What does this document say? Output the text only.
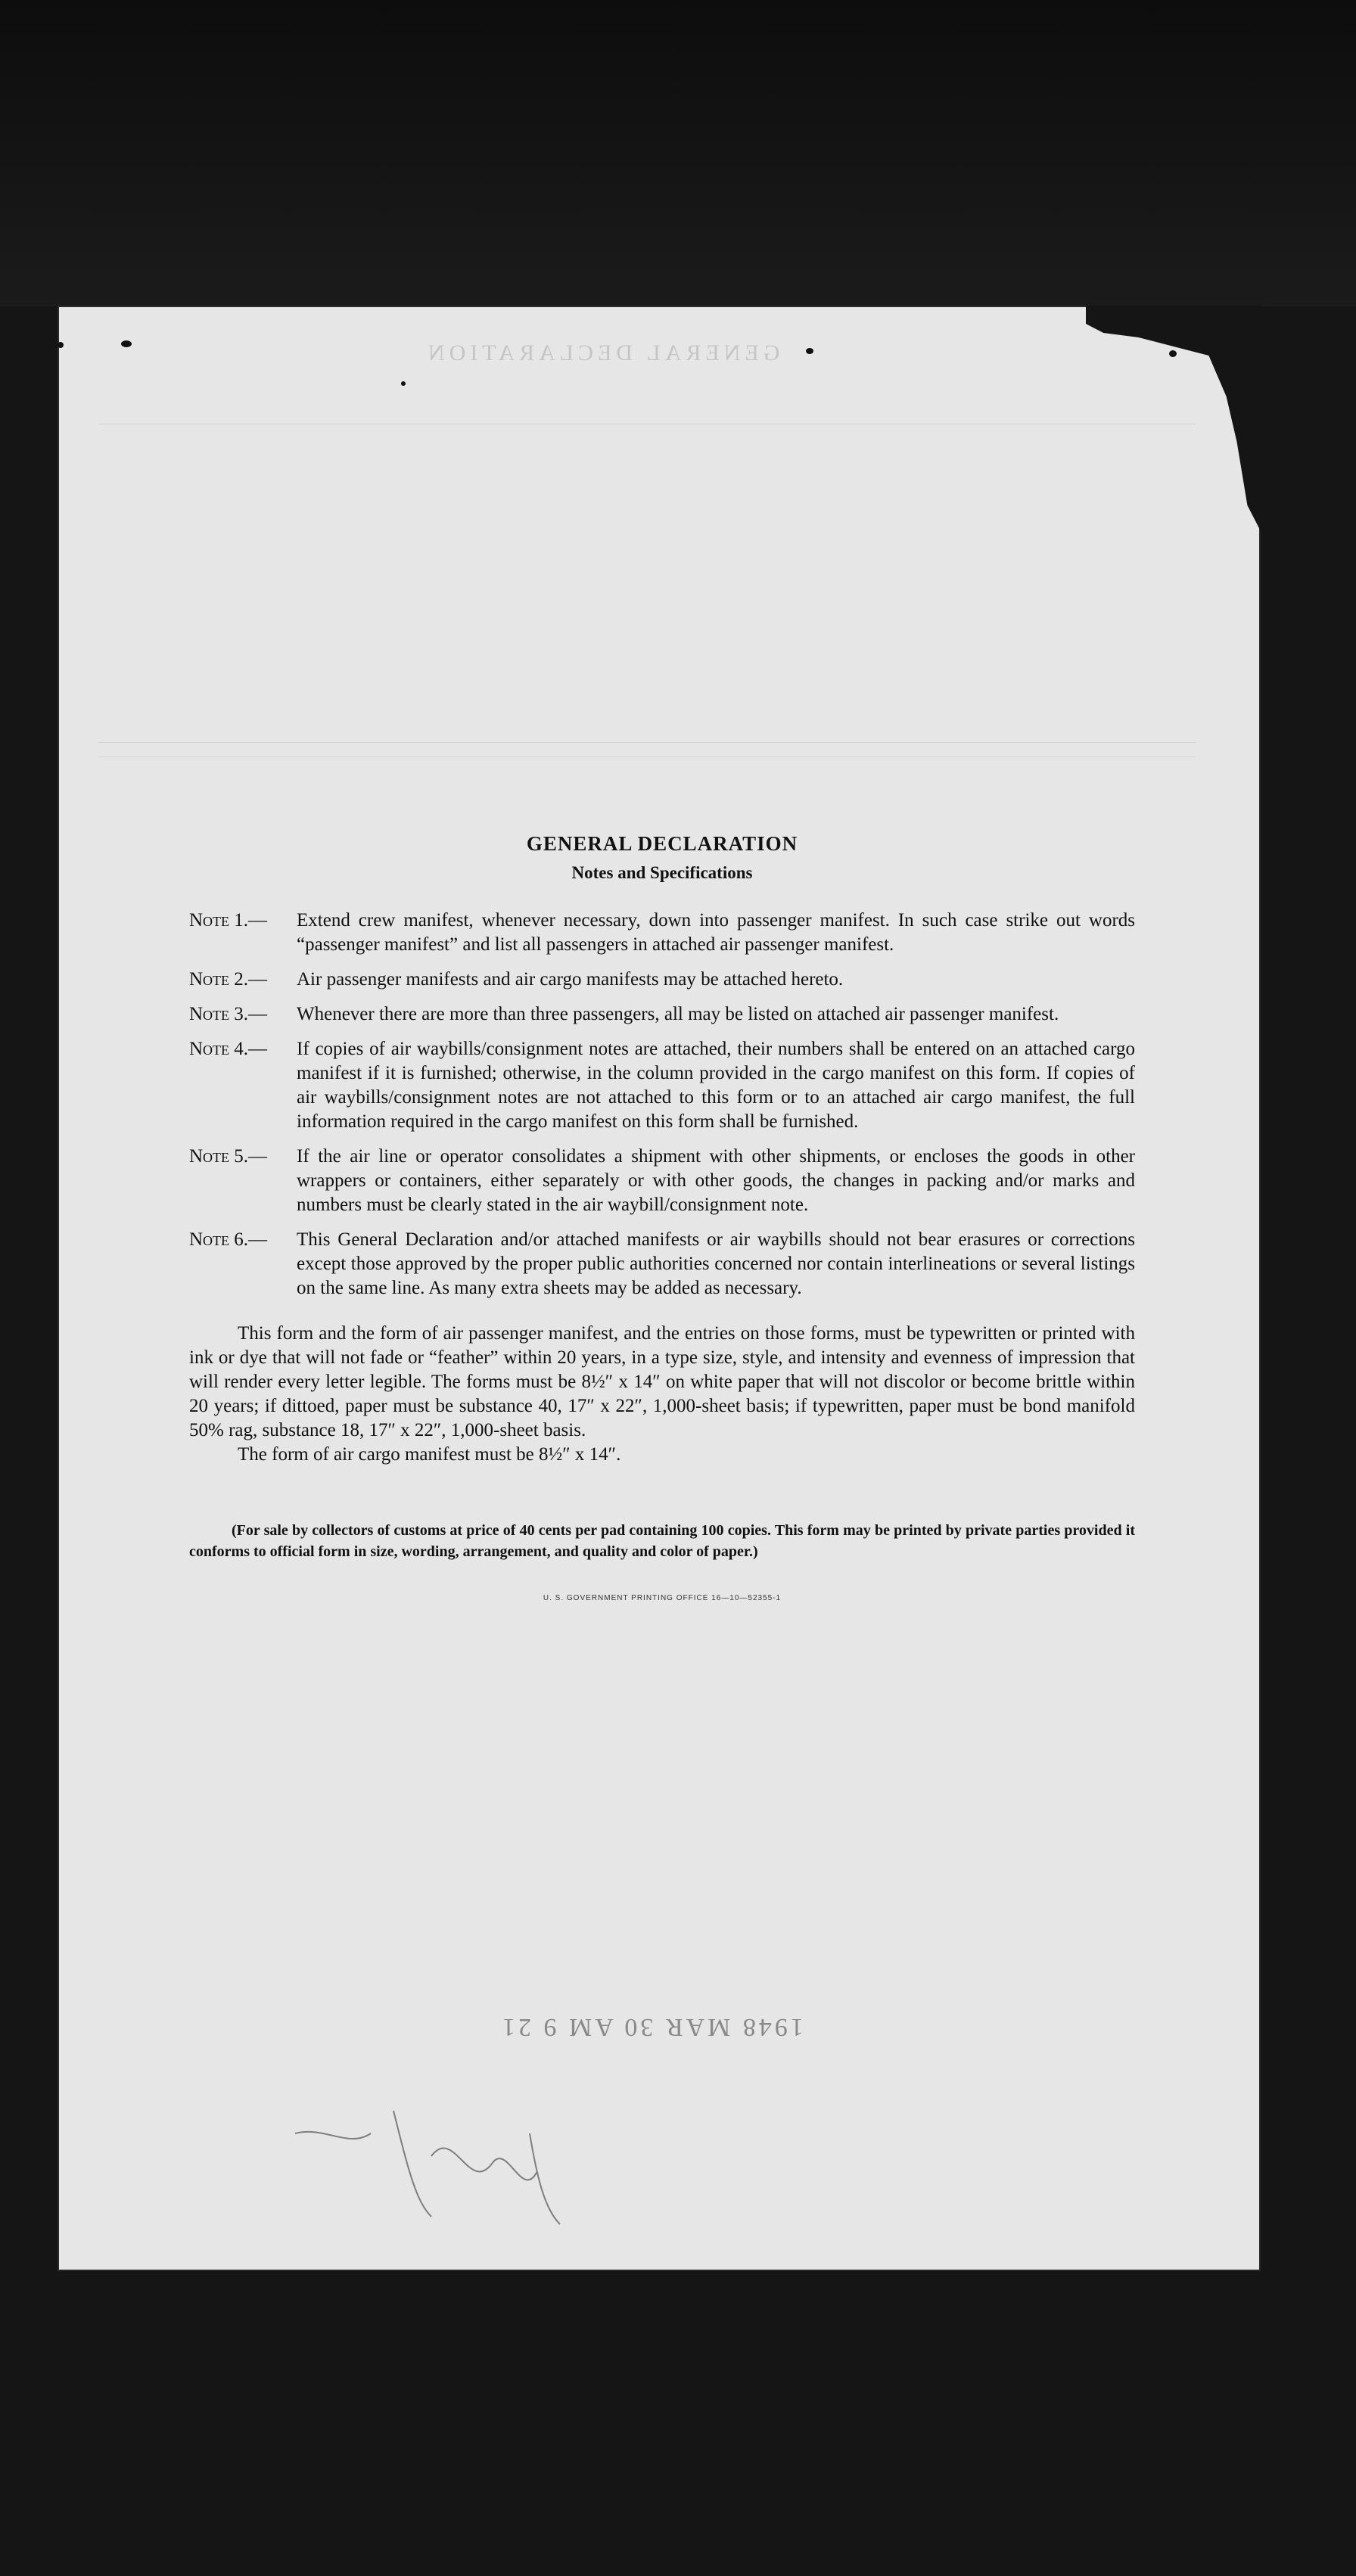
GENERAL DECLARATION
GENERAL DECLARATION
Notes and Specifications
Note 1.—	Extend crew manifest, whenever necessary, down into passenger manifest. In such case strike out words “passenger manifest” and list all passengers in attached air passenger manifest.
Note 2.—	Air passenger manifests and air cargo manifests may be attached hereto.
Note 3.—	Whenever there are more than three passengers, all may be listed on attached air passenger manifest.
Note 4.—	If copies of air waybills/consignment notes are attached, their numbers shall be entered on an attached cargo manifest if it is furnished; otherwise, in the column provided in the cargo manifest on this form. If copies of air waybills/consignment notes are not attached to this form or to an attached air cargo manifest, the full information required in the cargo manifest on this form shall be furnished.
Note 5.—	If the air line or operator consolidates a shipment with other shipments, or encloses the goods in other wrappers or containers, either separately or with other goods, the changes in packing and/or marks and numbers must be clearly stated in the air waybill/consignment note.
Note 6.—	This General Declaration and/or attached manifests or air waybills should not bear erasures or corrections except those approved by the proper public authorities concerned nor contain interlineations or several listings on the same line. As many extra sheets may be added as necessary.
This form and the form of air passenger manifest, and the entries on those forms, must be typewritten or printed with ink or dye that will not fade or “feather” within 20 years, in a type size, style, and intensity and evenness of impression that will render every letter legible. The forms must be 8½″ x 14″ on white paper that will not discolor or become brittle within 20 years; if dittoed, paper must be substance 40, 17″ x 22″, 1,000-sheet basis; if typewritten, paper must be bond manifold 50% rag, substance 18, 17″ x 22″, 1,000-sheet basis.
The form of air cargo manifest must be 8½″ x 14″.
(For sale by collectors of customs at price of 40 cents per pad containing 100 copies. This form may be printed by private parties provided it conforms to official form in size, wording, arrangement, and quality and color of paper.)
U. S. GOVERNMENT PRINTING OFFICE 16—10—52355-1
1948 MAR 30 AM 9 21
